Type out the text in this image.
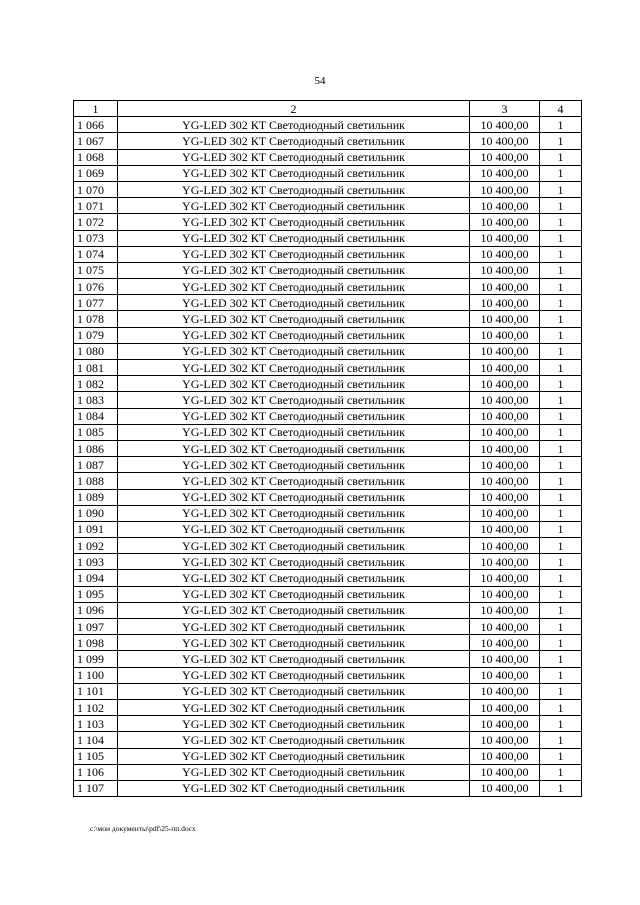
54
1	2	3	4
1 066	YG-LED 302 КТ Светодиодный светильник	10 400,00	1
1 067	YG-LED 302 КТ Светодиодный светильник	10 400,00	1
1 068	YG-LED 302 КТ Светодиодный светильник	10 400,00	1
1 069	YG-LED 302 КТ Светодиодный светильник	10 400,00	1
1 070	YG-LED 302 КТ Светодиодный светильник	10 400,00	1
1 071	YG-LED 302 КТ Светодиодный светильник	10 400,00	1
1 072	YG-LED 302 КТ Светодиодный светильник	10 400,00	1
1 073	YG-LED 302 КТ Светодиодный светильник	10 400,00	1
1 074	YG-LED 302 КТ Светодиодный светильник	10 400,00	1
1 075	YG-LED 302 КТ Светодиодный светильник	10 400,00	1
1 076	YG-LED 302 КТ Светодиодный светильник	10 400,00	1
1 077	YG-LED 302 КТ Светодиодный светильник	10 400,00	1
1 078	YG-LED 302 КТ Светодиодный светильник	10 400,00	1
1 079	YG-LED 302 КТ Светодиодный светильник	10 400,00	1
1 080	YG-LED 302 КТ Светодиодный светильник	10 400,00	1
1 081	YG-LED 302 КТ Светодиодный светильник	10 400,00	1
1 082	YG-LED 302 КТ Светодиодный светильник	10 400,00	1
1 083	YG-LED 302 КТ Светодиодный светильник	10 400,00	1
1 084	YG-LED 302 КТ Светодиодный светильник	10 400,00	1
1 085	YG-LED 302 КТ Светодиодный светильник	10 400,00	1
1 086	YG-LED 302 КТ Светодиодный светильник	10 400,00	1
1 087	YG-LED 302 КТ Светодиодный светильник	10 400,00	1
1 088	YG-LED 302 КТ Светодиодный светильник	10 400,00	1
1 089	YG-LED 302 КТ Светодиодный светильник	10 400,00	1
1 090	YG-LED 302 КТ Светодиодный светильник	10 400,00	1
1 091	YG-LED 302 КТ Светодиодный светильник	10 400,00	1
1 092	YG-LED 302 КТ Светодиодный светильник	10 400,00	1
1 093	YG-LED 302 КТ Светодиодный светильник	10 400,00	1
1 094	YG-LED 302 КТ Светодиодный светильник	10 400,00	1
1 095	YG-LED 302 КТ Светодиодный светильник	10 400,00	1
1 096	YG-LED 302 КТ Светодиодный светильник	10 400,00	1
1 097	YG-LED 302 КТ Светодиодный светильник	10 400,00	1
1 098	YG-LED 302 КТ Светодиодный светильник	10 400,00	1
1 099	YG-LED 302 КТ Светодиодный светильник	10 400,00	1
1 100	YG-LED 302 КТ Светодиодный светильник	10 400,00	1
1 101	YG-LED 302 КТ Светодиодный светильник	10 400,00	1
1 102	YG-LED 302 КТ Светодиодный светильник	10 400,00	1
1 103	YG-LED 302 КТ Светодиодный светильник	10 400,00	1
1 104	YG-LED 302 КТ Светодиодный светильник	10 400,00	1
1 105	YG-LED 302 КТ Светодиодный светильник	10 400,00	1
1 106	YG-LED 302 КТ Светодиодный светильник	10 400,00	1
1 107	YG-LED 302 КТ Светодиодный светильник	10 400,00	1
с:\мои документы\pdf\25-пп.docx
